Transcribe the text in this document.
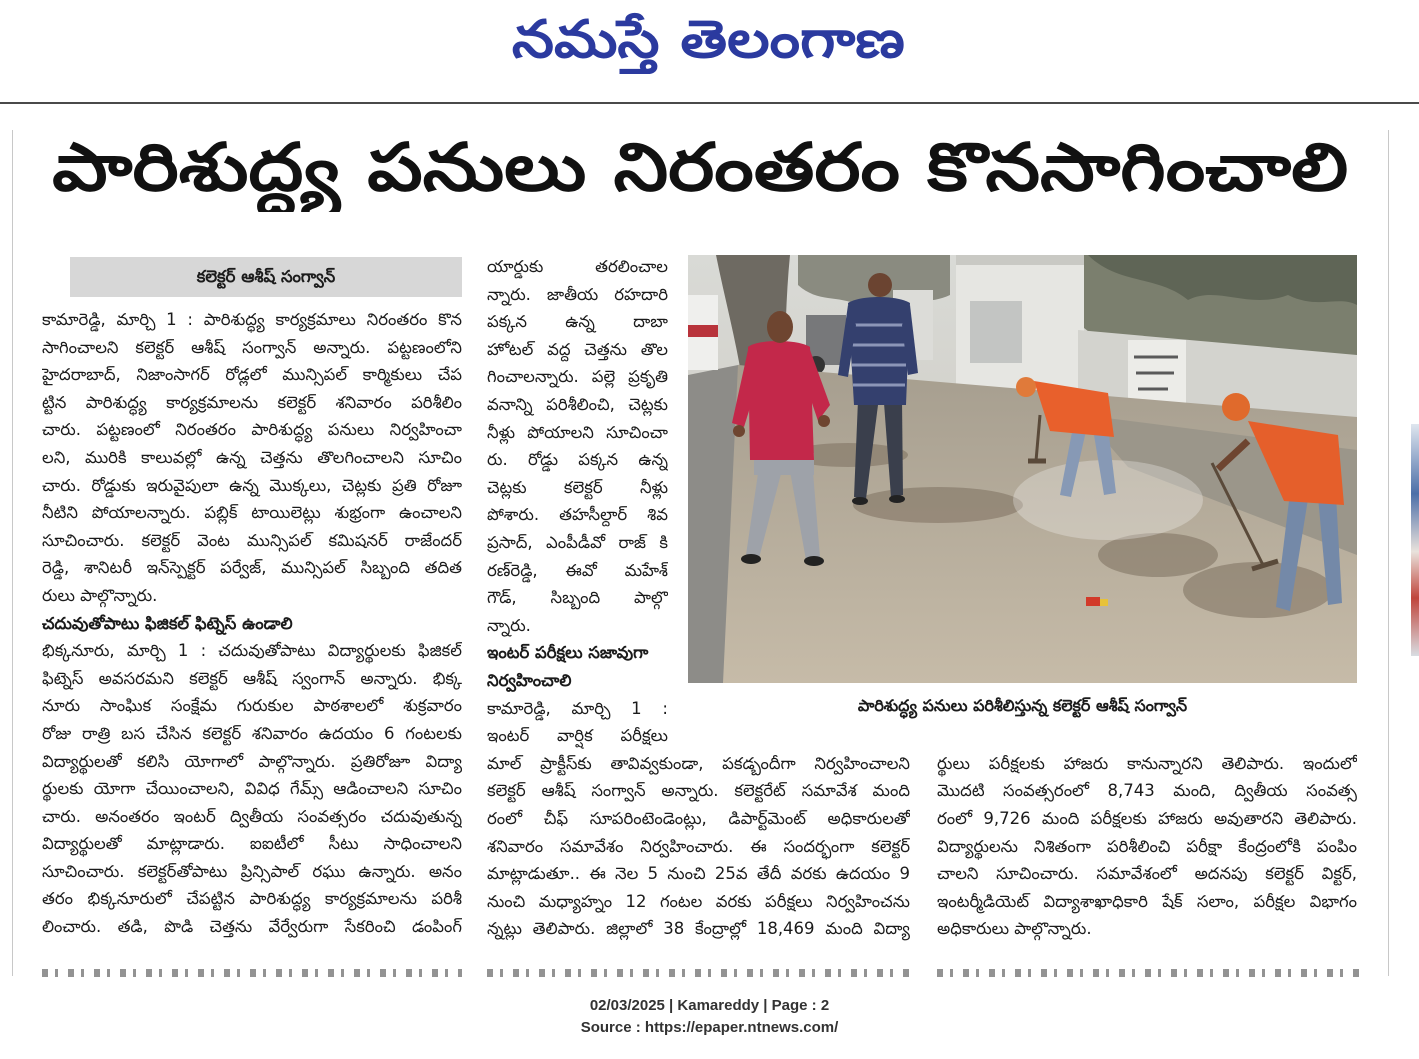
నమస్తే తెలంగాణ
పారిశుద్ధ్య పనులు నిరంతరం కొనసాగించాలి
కలెక్టర్ ఆశీష్ సంగ్వాన్
కామారెడ్డి, మార్చి 1 : పారిశుద్ధ్య కార్యక్రమాలు నిరంతరం కొన
సాగించాలని కలెక్టర్ ఆశీష్ సంగ్వాన్ అన్నారు. పట్టణంలోని
హైదరాబాద్, నిజాంసాగర్ రోడ్లలో మున్సిపల్ కార్మికులు చేప
ట్టిన పారిశుద్ధ్య కార్యక్రమాలను కలెక్టర్ శనివారం పరిశీలిం
చారు. పట్టణంలో నిరంతరం పారిశుద్ధ్య పనులు నిర్వహించా
లని, మురికి కాలువల్లో ఉన్న చెత్తను తొలగించాలని సూచిం
చారు. రోడ్డుకు ఇరువైపులా ఉన్న మొక్కలు, చెట్లకు ప్రతి రోజూ
నీటిని పోయాలన్నారు. పబ్లిక్ టాయిలెట్లు శుభ్రంగా ఉంచాలని
సూచించారు. కలెక్టర్ వెంట మున్సిపల్ కమిషనర్ రాజేందర్
రెడ్డి, శానిటరీ ఇన్‌స్పెక్టర్ పర్వేజ్, మున్సిపల్ సిబ్బంది తదిత
రులు పాల్గొన్నారు.
చదువుతోపాటు ఫిజికల్ ఫిట్నెస్ ఉండాలి
భిక్కనూరు, మార్చి 1 : చదువుతోపాటు విద్యార్థులకు ఫిజికల్
ఫిట్నెస్ అవసరమని కలెక్టర్ ఆశీష్ స్వంగాన్ అన్నారు. భిక్క
నూరు సాంఘిక సంక్షేమ గురుకుల పాఠశాలలో శుక్రవారం
రోజు రాత్రి బస చేసిన కలెక్టర్ శనివారం ఉదయం 6 గంటలకు
విద్యార్థులతో కలిసి యోగాలో పాల్గొన్నారు. ప్రతిరోజూ విద్యా
ర్థులకు యోగా చేయించాలని, వివిధ గేమ్స్ ఆడించాలని సూచిం
చారు. అనంతరం ఇంటర్ ద్వితీయ సంవత్సరం చదువుతున్న
విద్యార్థులతో మాట్లాడారు. ఐఐటీలో సీటు సాధించాలని
సూచించారు. కలెక్టర్‌తోపాటు ప్రిన్సిపాల్ రఘు ఉన్నారు. అనం
తరం భిక్కనూరులో చేపట్టిన పారిశుద్ధ్య కార్యక్రమాలను పరిశీ
లించారు. తడి, పొడి చెత్తను వేర్వేరుగా సేకరించి డంపింగ్
యార్డుకు తరలించాల
న్నారు. జాతీయ రహదారి
పక్కన ఉన్న దాబా
హోటల్ వద్ద చెత్తను తొల
గించాలన్నారు. పల్లె ప్రకృతి
వనాన్ని పరిశీలించి, చెట్లకు
నీళ్లు పోయాలని సూచించా
రు. రోడ్డు పక్కన ఉన్న
చెట్లకు కలెక్టర్ నీళ్లు
పోశారు. తహసీల్దార్ శివ
ప్రసాద్, ఎంపీడీవో రాజ్ కి
రణ్‌రెడ్డి, ఈవో మహేశ్
గౌడ్, సిబ్బంది పాల్గొ
న్నారు.
ఇంటర్ పరీక్షలు సజావుగా
నిర్వహించాలి
కామారెడ్డి, మార్చి 1 :
ఇంటర్ వార్షిక పరీక్షలు
మాల్ ప్రాక్టీస్‌కు తావివ్వకుండా, పకడ్బందీగా నిర్వహించాలని
కలెక్టర్ ఆశీష్ సంగ్వాన్ అన్నారు. కలెక్టరేట్ సమావేశ మంది
రంలో చీఫ్ సూపరింటెండెంట్లు, డిపార్ట్‌మెంట్ అధికారులతో
శనివారం సమావేశం నిర్వహించారు. ఈ సందర్భంగా కలెక్టర్
మాట్లాడుతూ.. ఈ నెల 5 నుంచి 25వ తేదీ వరకు ఉదయం 9
నుంచి మధ్యాహ్నం 12 గంటల వరకు పరీక్షలు నిర్వహించను
న్నట్లు తెలిపారు. జిల్లాలో 38 కేంద్రాల్లో 18,469 మంది విద్యా
ర్థులు పరీక్షలకు హాజరు కానున్నారని తెలిపారు. ఇందులో
మొదటి సంవత్సరంలో 8,743 మంది, ద్వితీయ సంవత్స
రంలో 9,726 మంది పరీక్షలకు హాజరు అవుతారని తెలిపారు.
విద్యార్థులను నిశితంగా పరిశీలించి పరీక్షా కేంద్రంలోకి పంపిం
చాలని సూచించారు. సమావేశంలో అదనపు కలెక్టర్ విక్టర్,
ఇంటర్మీడియెట్ విద్యాశాఖాధికారి షేక్ సలాం, పరీక్షల విభాగం
అధికారులు పాల్గొన్నారు.
పారిశుద్ధ్య పనులు పరిశీలిస్తున్న కలెక్టర్ ఆశీష్ సంగ్వాన్
02/03/2025 | Kamareddy | Page : 2
Source : https://epaper.ntnews.com/
